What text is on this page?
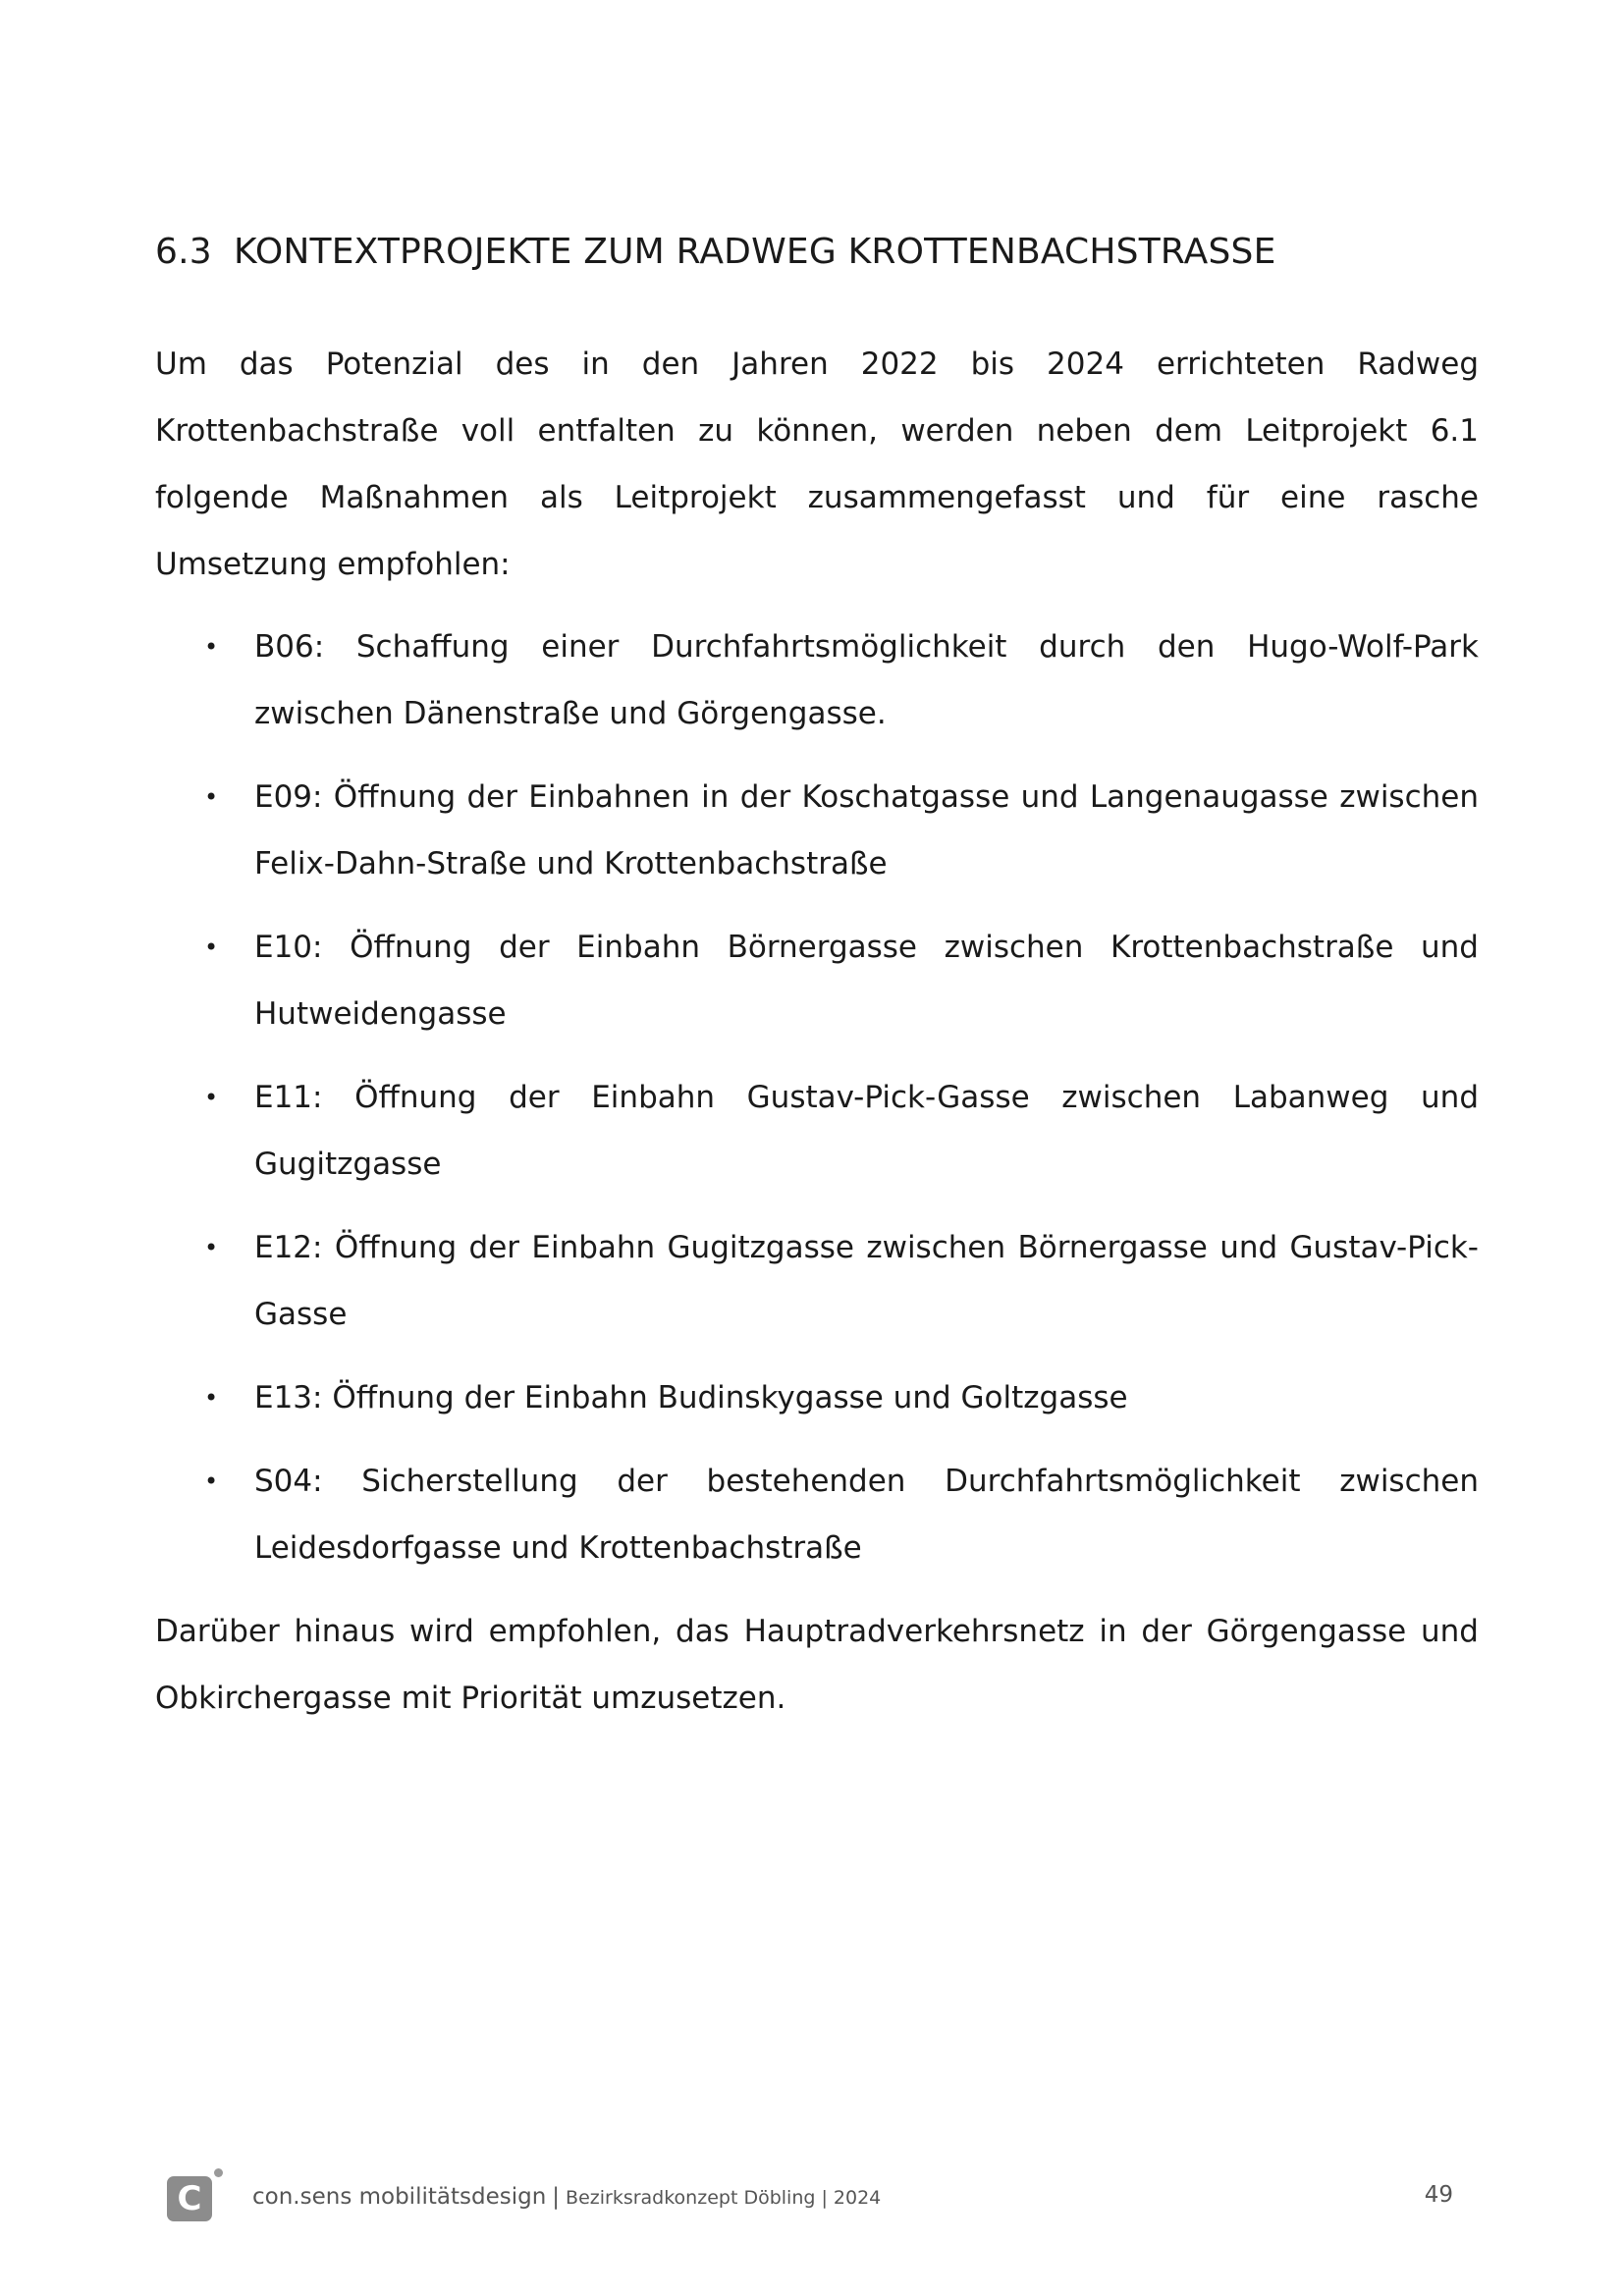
6.3 KONTEXTPROJEKTE ZUM RADWEG KROTTENBACHSTRASSE

Um das Potenzial des in den Jahren 2022 bis 2024 errichteten Radweg Krottenbachstraße voll entfalten zu können, werden neben dem Leitprojekt 6.1 folgende Maßnahmen als Leitprojekt zusammengefasst und für eine rasche Umsetzung empfohlen:

• B06: Schaffung einer Durchfahrtsmöglichkeit durch den Hugo-Wolf-Park zwischen Dänenstraße und Görgengasse.
• E09: Öffnung der Einbahnen in der Koschatgasse und Langenaugasse zwischen Felix-Dahn-Straße und Krottenbachstraße
• E10: Öffnung der Einbahn Börnergasse zwischen Krottenbachstraße und Hutweidengasse
• E11: Öffnung der Einbahn Gustav-Pick-Gasse zwischen Labanweg und Gugitzgasse
• E12: Öffnung der Einbahn Gugitzgasse zwischen Börnergasse und Gustav-Pick-Gasse
• E13: Öffnung der Einbahn Budinskygasse und Goltzgasse
• S04: Sicherstellung der bestehenden Durchfahrtsmöglichkeit zwischen Leidesdorfgasse und Krottenbachstraße

Darüber hinaus wird empfohlen, das Hauptradverkehrsnetz in der Görgengasse und Obkirchergasse mit Priorität umzusetzen.

C	con.sens mobilitätsdesign | Bezirksradkonzept Döbling | 2024	49
